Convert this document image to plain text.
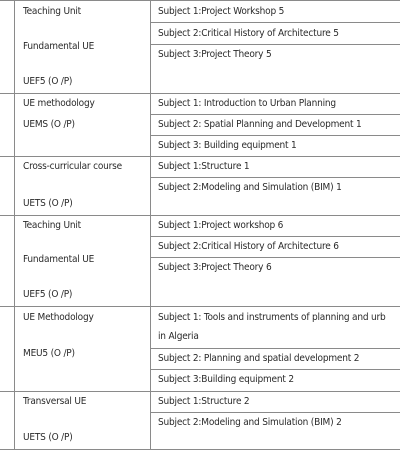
Teaching Unit
Fundamental UE
UEF5 (O /P)
Subject 1:Project Workshop 5
Subject 2:Critical History of Architecture 5
Subject 3:Project Theory 5
UE methodology
UEMS (O /P)
Subject 1: Introduction to Urban Planning
Subject 2: Spatial Planning and Development 1
Subject 3: Building equipment 1
Cross-curricular course
UETS (O /P)
Subject 1:Structure 1
Subject 2:Modeling and Simulation (BIM) 1
Teaching Unit
Fundamental UE
UEF5 (O /P)
Subject 1:Project workshop 6
Subject 2:Critical History of Architecture 6
Subject 3:Project Theory 6
UE Methodology
MEU5 (O /P)
Subject 1: Tools and instruments of planning and urb
in Algeria
Subject 2: Planning and spatial development 2
Subject 3:Building equipment 2
Transversal UE
UETS (O /P)
Subject 1:Structure 2
Subject 2:Modeling and Simulation (BIM) 2
